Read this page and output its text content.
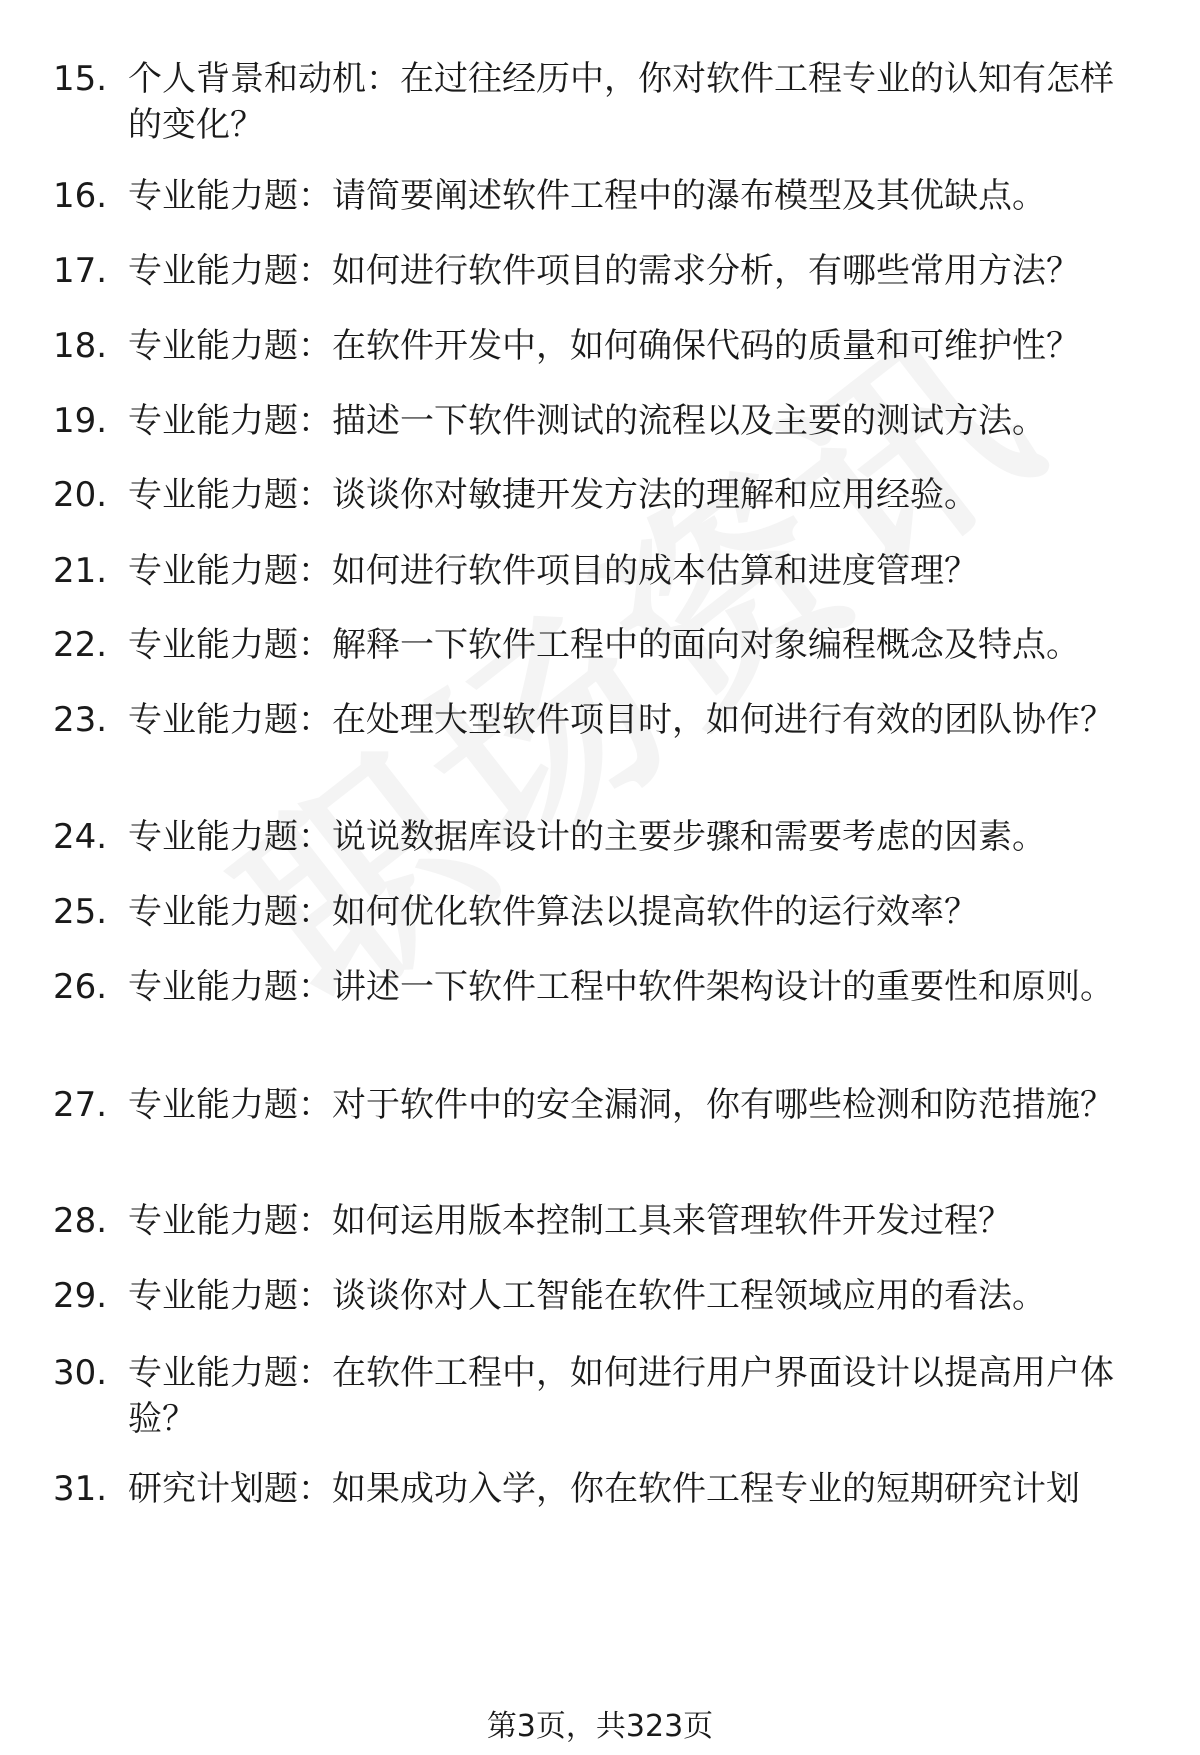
15. 个人背景和动机：在过往经历中，你对软件工程专业的认知有怎样的变化？
16. 专业能力题：请简要阐述软件工程中的瀑布模型及其优缺点。
17. 专业能力题：如何进行软件项目的需求分析，有哪些常用方法？
18. 专业能力题：在软件开发中，如何确保代码的质量和可维护性？
19. 专业能力题：描述一下软件测试的流程以及主要的测试方法。
20. 专业能力题：谈谈你对敏捷开发方法的理解和应用经验。
21. 专业能力题：如何进行软件项目的成本估算和进度管理？
22. 专业能力题：解释一下软件工程中的面向对象编程概念及特点。
23. 专业能力题：在处理大型软件项目时，如何进行有效的团队协作？
24. 专业能力题：说说数据库设计的主要步骤和需要考虑的因素。
25. 专业能力题：如何优化软件算法以提高软件的运行效率？
26. 专业能力题：讲述一下软件工程中软件架构设计的重要性和原则。
27. 专业能力题：对于软件中的安全漏洞，你有哪些检测和防范措施？
28. 专业能力题：如何运用版本控制工具来管理软件开发过程？
29. 专业能力题：谈谈你对人工智能在软件工程领域应用的看法。
30. 专业能力题：在软件工程中，如何进行用户界面设计以提高用户体验？
31. 研究计划题：如果成功入学，你在软件工程专业的短期研究计划
第3页，共323页
